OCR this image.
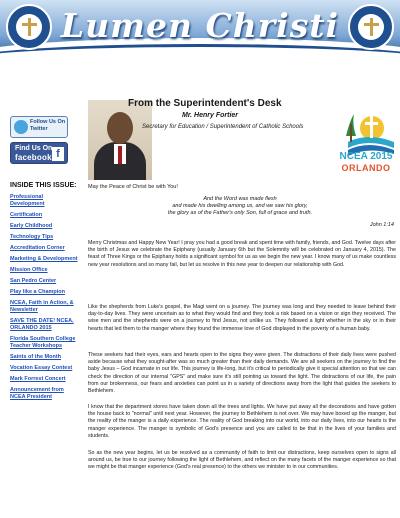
Lumen Christi
Follow Us On Twitter
Find Us On
facebook f
INSIDE THIS ISSUE:
Professional Development
Certification
Early Childhood
Technology Tips
Accreditation Corner
Marketing & Development
Mission Office
San Pedro Center
Play like a Champion
NCEA, Faith in Action, & Newsletter
SAVE THE DATE! NCEA, ORLANDO 2015
Florida Southern College Teacher Workshops
Saints of the Month
Vocation Essay Contest
Mark Forrest Concert
Announcement from NCEA President
From the Superintendent's Desk
Mr. Henry Fortier
Secretary for Education / Superintendent of Catholic Schools
NCEA 2015
ORLANDO
May the Peace of Christ be with You!
And the Word was made flesh
and made his dwelling among us, and we saw his glory,
the glory as of the Father's only Son, full of grace and truth.
John 1:14

Merry Christmas and Happy New Year! I pray you had a good break and spent time with family, friends, and God. Twelve days after the birth of Jesus we celebrate the Epiphany (usually January 6th but the Solemnity will be celebrated on January 4, 2015). The feast of Three Kings or the Epiphany holds a significant symbol for us as we begin the new year. I know many of us make countless new year resolutions and so many fail, but let us resolve in this new year to deepen our relationship with God.

Like the shepherds from Luke's gospel, the Magi went on a journey. The journey was long and they needed to leave behind their day-to-day lives. They were uncertain as to what they would find and they took a risk based on a vision or sign they received. The wise men and the shepherds were on a journey to find Jesus, not unlike us. They followed a light whether in the sky or in their hearts that led them to the manger where they found the immense love of God displayed in the poverty of a human baby.

These seekers had their eyes, ears and hearts open to the signs they were given. The distractions of their daily lives were pushed aside because what they sought-after was so much greater than their daily demands. We are all seekers on the journey to find the baby Jesus – God incarnate in our life. This journey is life-long, but it's critical to periodically give it special attention so that we can check the direction of our internal "GPS" and make sure it's still pointing us toward the light. The distractions of our life, the pain from our brokenness, our fears and anxieties can point us in a variety of directions away from the light that guides the seekers to Bethlehem.

I know that the department stores have taken down all the trees and lights. We have put away all the decorations and have gotten the house back to "normal" until next year. However, the journey to Bethlehem is not over. We may have boxed up the manger, but the reality of the manger is a daily experience. The reality of God breaking into our world, into our daily lives, into our hearts is the manger experience. The manger is symbolic of God's presence and you are called to be that in the lives of your families and students.

So as the new year begins, let us be resolved as a community of faith to limit our distractions, keep ourselves open to signs all around us, be true to our journey following the light of Bethlehem, and reflect on the many facets of the manger experience so that we might be that manger experience (God's real presence) to the others we minister to in our communities.
